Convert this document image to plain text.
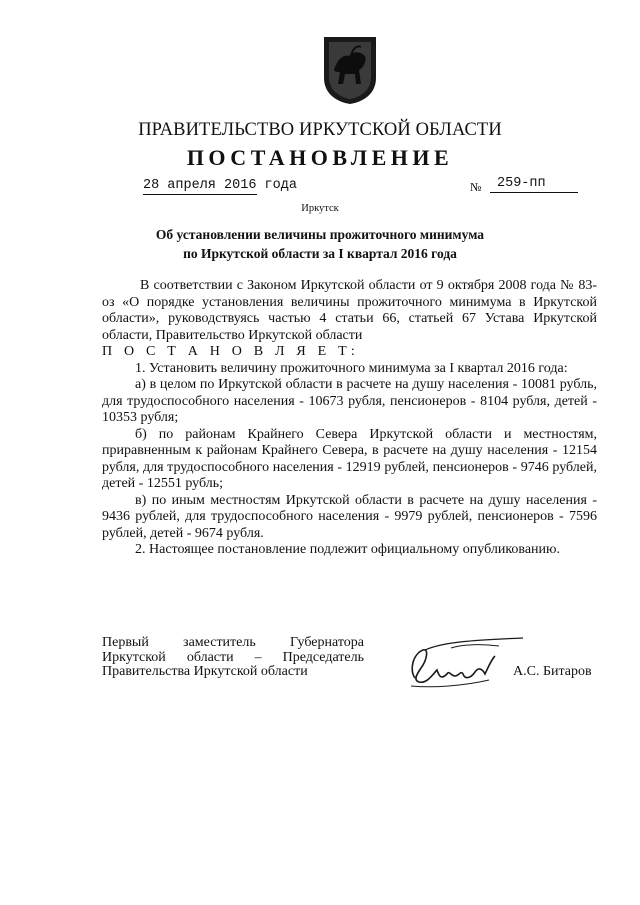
ПРАВИТЕЛЬСТВО ИРКУТСКОЙ ОБЛАСТИ
ПОСТАНОВЛЕНИЕ
28 апреля 2016 года	№ 259-пп
Иркутск
Об установлении величины прожиточного минимума
по Иркутской области за I квартал 2016 года

В соответствии с Законом Иркутской области от 9 октября 2008 года № 83-оз «О порядке установления величины прожиточного минимума в Иркутской области», руководствуясь частью 4 статьи 66, статьей 67 Устава Иркутской области, Правительство Иркутской области

П О С Т А Н О В Л Я Е Т:

1. Установить величину прожиточного минимума за I квартал 2016 года:

а) в целом по Иркутской области в расчете на душу населения - 10081 рубль, для трудоспособного населения - 10673 рубля, пенсионеров - 8104 рубля, детей - 10353 рубля;

б) по районам Крайнего Севера Иркутской области и местностям, приравненным к районам Крайнего Севера, в расчете на душу населения - 12154 рубля, для трудоспособного населения - 12919 рублей, пенсионеров - 9746 рублей, детей - 12551 рубль;

в) по иным местностям Иркутской области в расчете на душу населения - 9436 рублей, для трудоспособного населения - 9979 рублей, пенсионеров - 7596 рублей, детей - 9674 рубля.

2. Настоящее постановление подлежит официальному опубликованию.

Первый заместитель Губернатора
Иркутской области – Председатель
Правительства Иркутской области	А.С. Битаров
